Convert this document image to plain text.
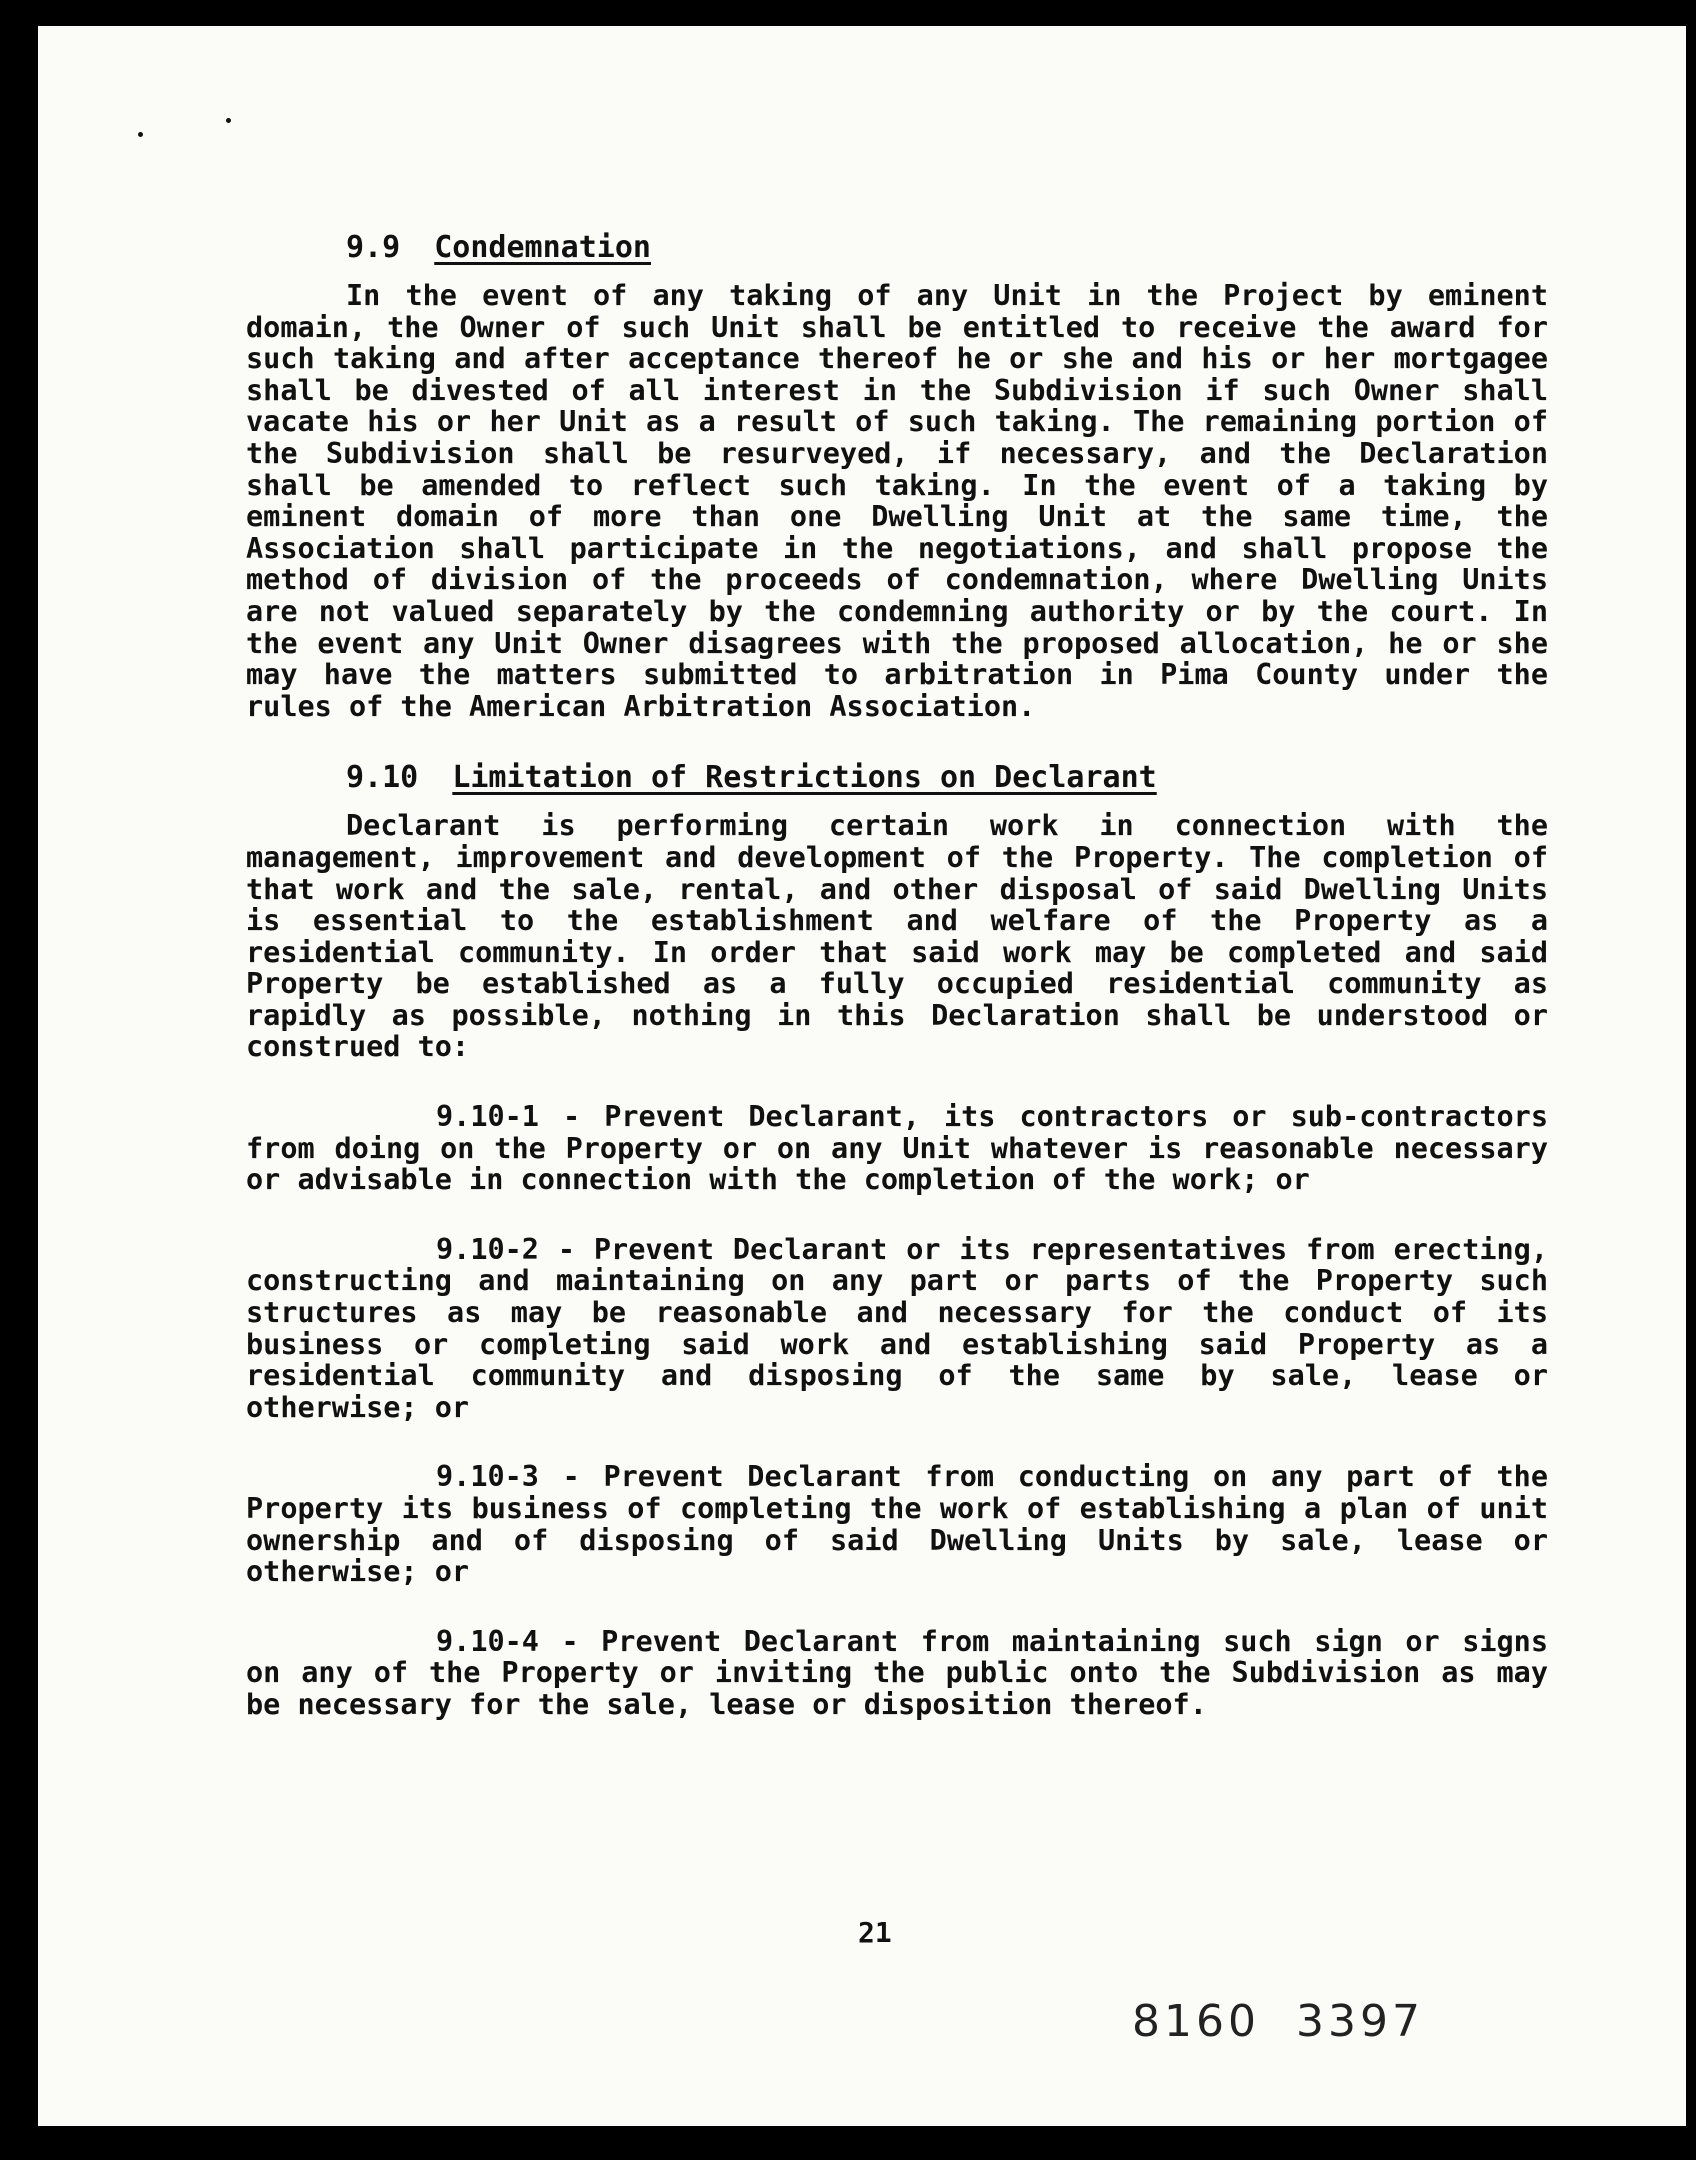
9.9 Condemnation

In the event of any taking of any Unit in the Project by eminent domain, the Owner of such Unit shall be entitled to receive the award for such taking and after acceptance thereof he or she and his or her mortgagee shall be divested of all interest in the Subdivision if such Owner shall vacate his or her Unit as a result of such taking. The remaining portion of the Subdivision shall be resurveyed, if necessary, and the Declaration shall be amended to reflect such taking. In the event of a taking by eminent domain of more than one Dwelling Unit at the same time, the Association shall participate in the negotiations, and shall propose the method of division of the proceeds of condemnation, where Dwelling Units are not valued separately by the condemning authority or by the court. In the event any Unit Owner disagrees with the proposed allocation, he or she may have the matters submitted to arbitration in Pima County under the rules of the American Arbitration Association.

9.10 Limitation of Restrictions on Declarant

Declarant is performing certain work in connection with the management, improvement and development of the Property. The completion of that work and the sale, rental, and other disposal of said Dwelling Units is essential to the establishment and welfare of the Property as a residential community. In order that said work may be completed and said Property be established as a fully occupied residential community as rapidly as possible, nothing in this Declaration shall be understood or construed to:

9.10-1 - Prevent Declarant, its contractors or sub-contractors from doing on the Property or on any Unit whatever is reasonable necessary or advisable in connection with the completion of the work; or

9.10-2 - Prevent Declarant or its representatives from erecting, constructing and maintaining on any part or parts of the Property such structures as may be reasonable and necessary for the conduct of its business or completing said work and establishing said Property as a residential community and disposing of the same by sale, lease or otherwise; or

9.10-3 - Prevent Declarant from conducting on any part of the Property its business of completing the work of establishing a plan of unit ownership and of disposing of said Dwelling Units by sale, lease or otherwise; or

9.10-4 - Prevent Declarant from maintaining such sign or signs on any of the Property or inviting the public onto the Subdivision as may be necessary for the sale, lease or disposition thereof.

21
8160 3397
